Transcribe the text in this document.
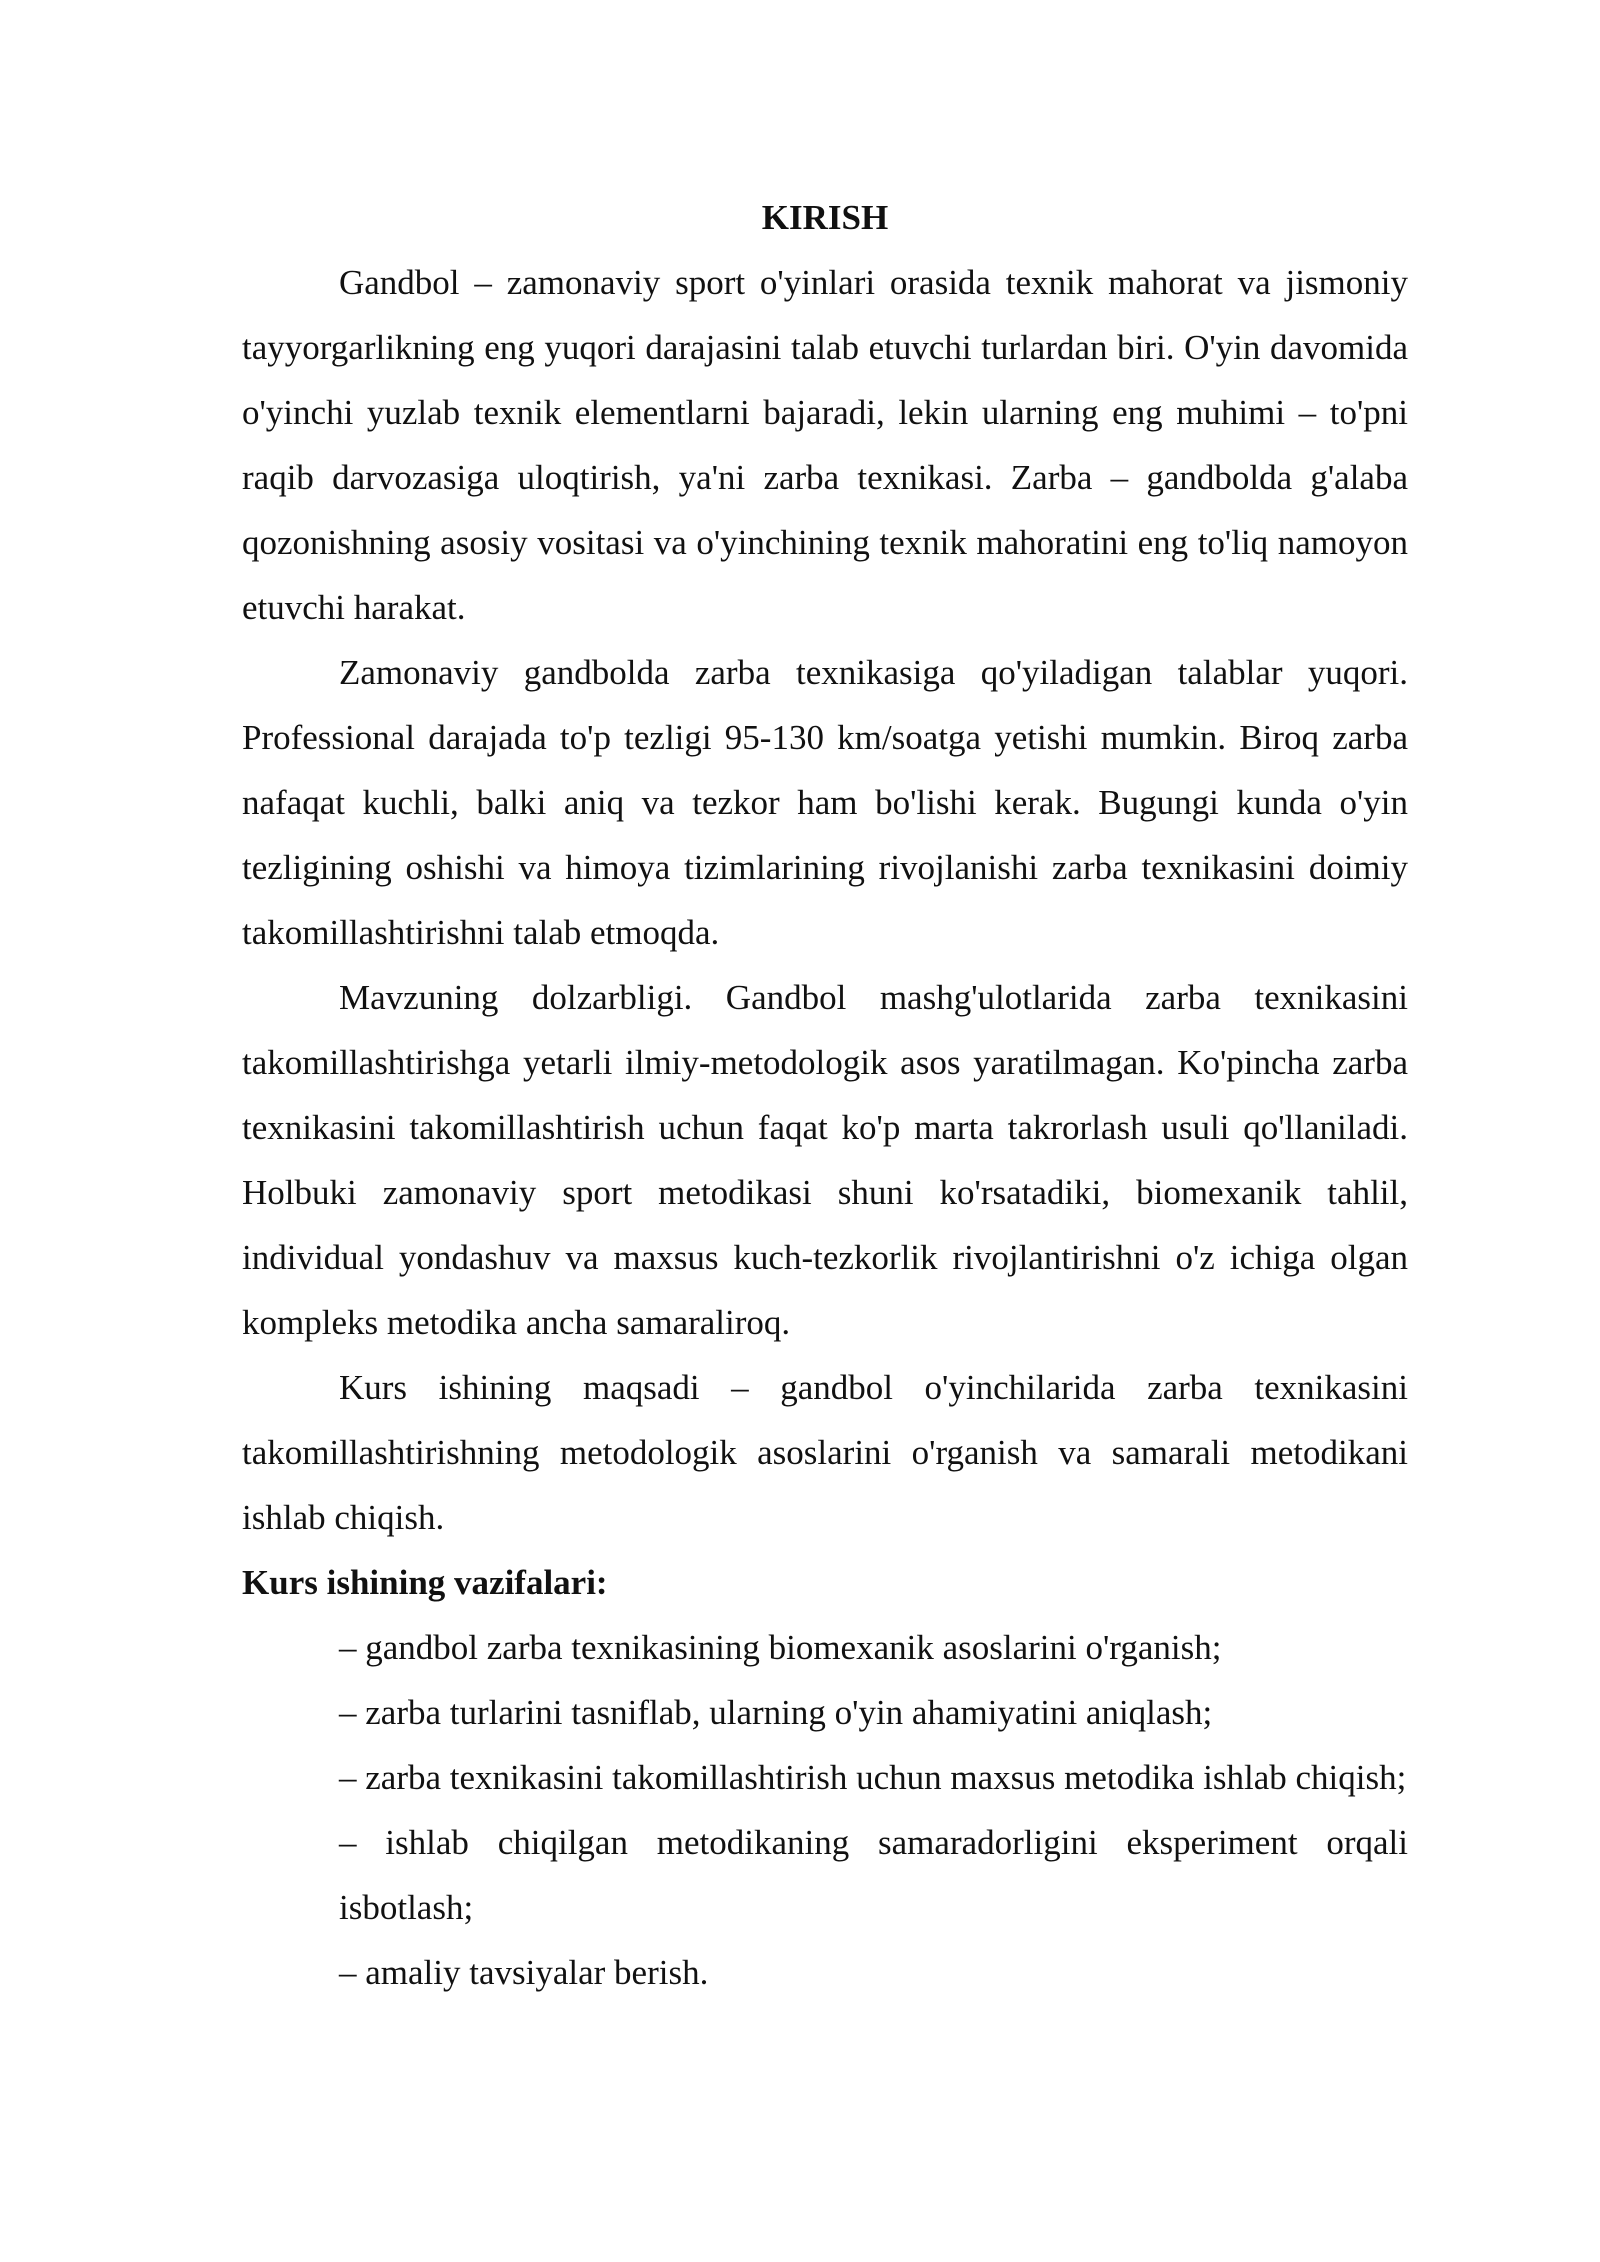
KIRISH

Gandbol – zamonaviy sport o'yinlari orasida texnik mahorat va jismoniy tayyorgarlikning eng yuqori darajasini talab etuvchi turlardan biri. O'yin davomida o'yinchi yuzlab texnik elementlarni bajaradi, lekin ularning eng muhimi – to'pni raqib darvozasiga uloqtirish, ya'ni zarba texnikasi. Zarba – gandbolda g'alaba qozonishning asosiy vositasi va o'yinchining texnik mahoratini eng to'liq namoyon etuvchi harakat.

Zamonaviy gandbolda zarba texnikasiga qo'yiladigan talablar yuqori. Professional darajada to'p tezligi 95-130 km/soatga yetishi mumkin. Biroq zarba nafaqat kuchli, balki aniq va tezkor ham bo'lishi kerak. Bugungi kunda o'yin tezligining oshishi va himoya tizimlarining rivojlanishi zarba texnikasini doimiy takomillashtirishni talab etmoqda.

Mavzuning dolzarbligi. Gandbol mashg'ulotlarida zarba texnikasini takomillashtirishga yetarli ilmiy-metodologik asos yaratilmagan. Ko'pincha zarba texnikasini takomillashtirish uchun faqat ko'p marta takrorlash usuli qo'llaniladi. Holbuki zamonaviy sport metodikasi shuni ko'rsatadiki, biomexanik tahlil, individual yondashuv va maxsus kuch-tezkorlik rivojlantirishni o'z ichiga olgan kompleks metodika ancha samaraliroq.

Kurs ishining maqsadi – gandbol o'yinchilarida zarba texnikasini takomillashtirishning metodologik asoslarini o'rganish va samarali metodikani ishlab chiqish.

Kurs ishining vazifalari:

– gandbol zarba texnikasining biomexanik asoslarini o'rganish;
– zarba turlarini tasniflab, ularning o'yin ahamiyatini aniqlash;
– zarba texnikasini takomillashtirish uchun maxsus metodika ishlab chiqish;
– ishlab chiqilgan metodikaning samaradorligini eksperiment orqali isbotlash;
– amaliy tavsiyalar berish.
